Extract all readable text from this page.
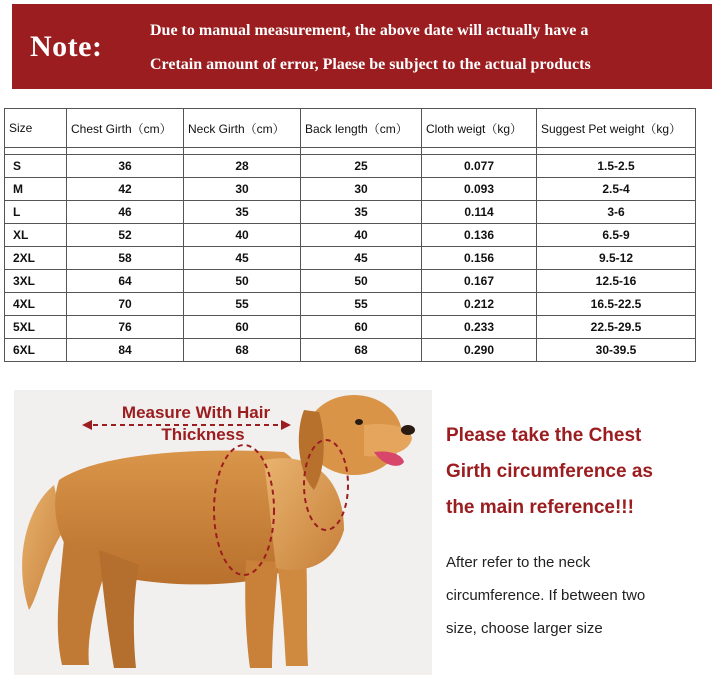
Note:	Due to manual measurement, the above date will actually have a
Cretain amount of error, Plaese be subject to the actual products
Size	Chest Girth（cm）	Neck Girth（cm）	Back length（cm）	Cloth weigt（kg）	Suggest Pet weight（kg）

S	36	28	25	0.077	1.5-2.5
M	42	30	30	0.093	2.5-4
L	46	35	35	0.114	3-6
XL	52	40	40	0.136	6.5-9
2XL	58	45	45	0.156	9.5-12
3XL	64	50	50	0.167	12.5-16
4XL	70	55	55	0.212	16.5-22.5
5XL	76	60	60	0.233	22.5-29.5
6XL	84	68	68	0.290	30-39.5
Measure With Hair
Thickness	Please take the Chest
Girth circumference as
the main reference!!!
After refer to the neck
circumference. If between two
size, choose larger size
